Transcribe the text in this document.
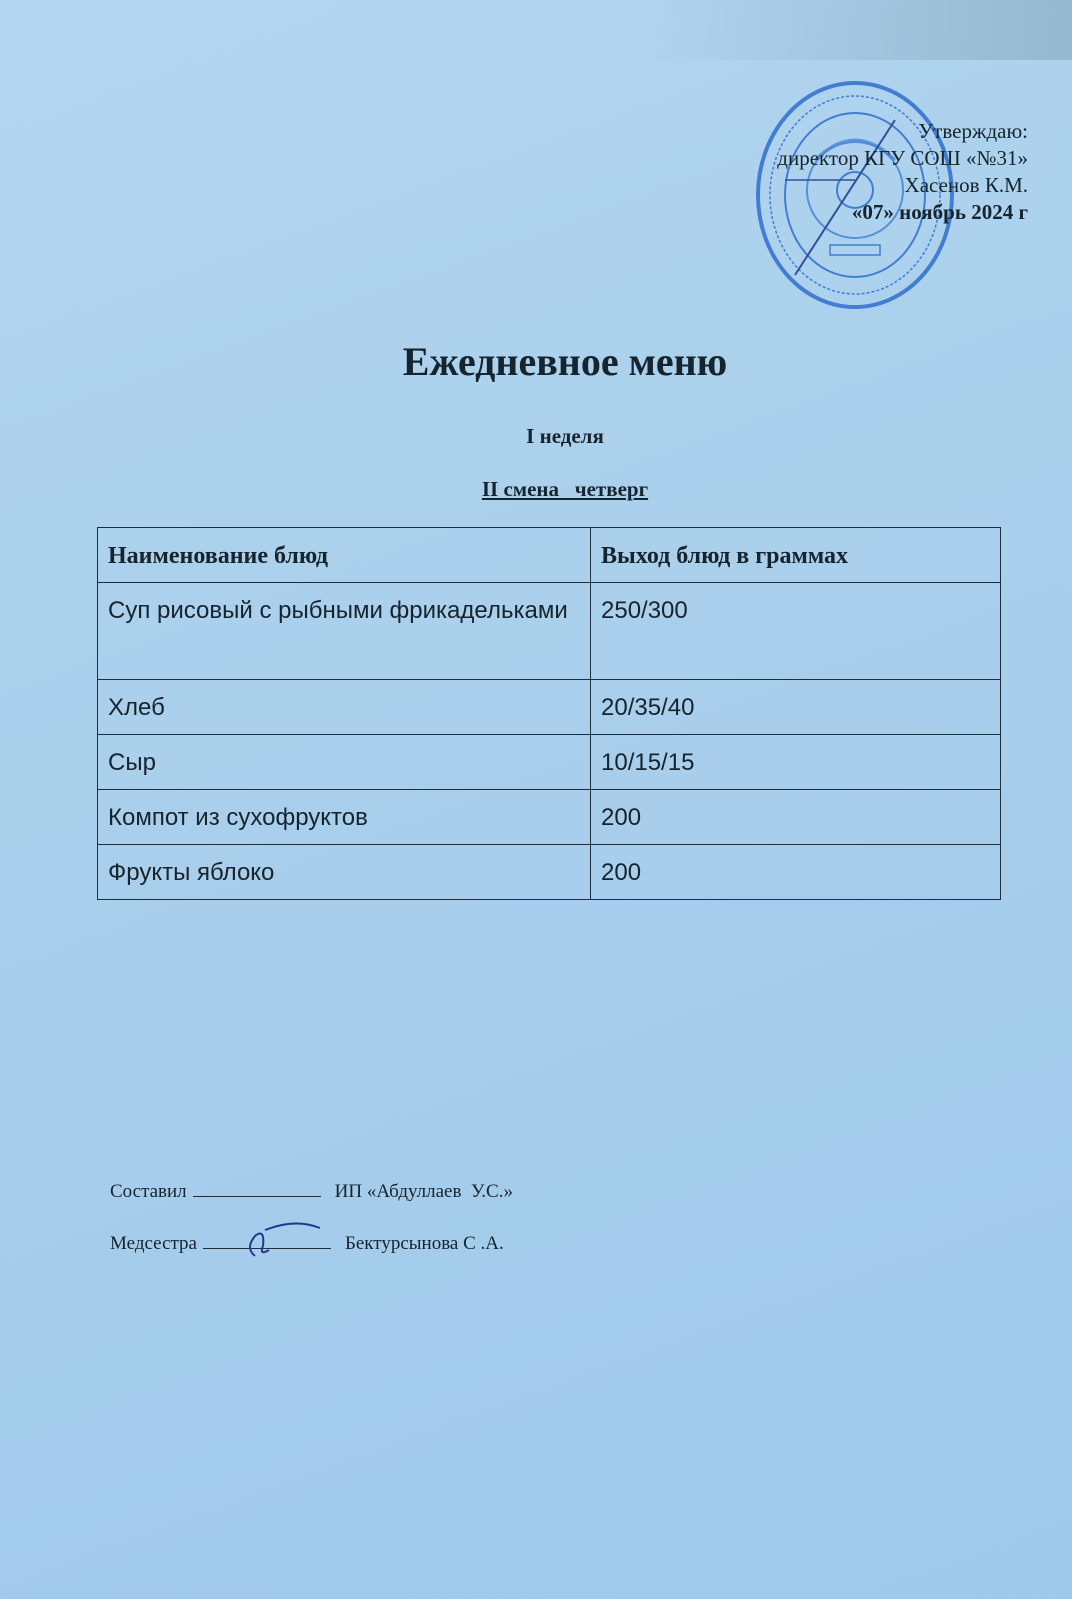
Утверждаю:
директор КГУ СОШ «№31»
Хасенов К.М.
«07» ноябрь 2024 г
Ежедневное меню
I неделя
II смена   четверг
Наименование блюд	Выход блюд в граммах
Суп рисовый с рыбными фрикадельками	250/300
Хлеб	20/35/40
Сыр	10/15/15
Компот из сухофруктов	200
Фрукты яблоко	200
Составил	ИП «Абдуллаев  У.С.»
Медсестра	Бектурсынова С .А.
